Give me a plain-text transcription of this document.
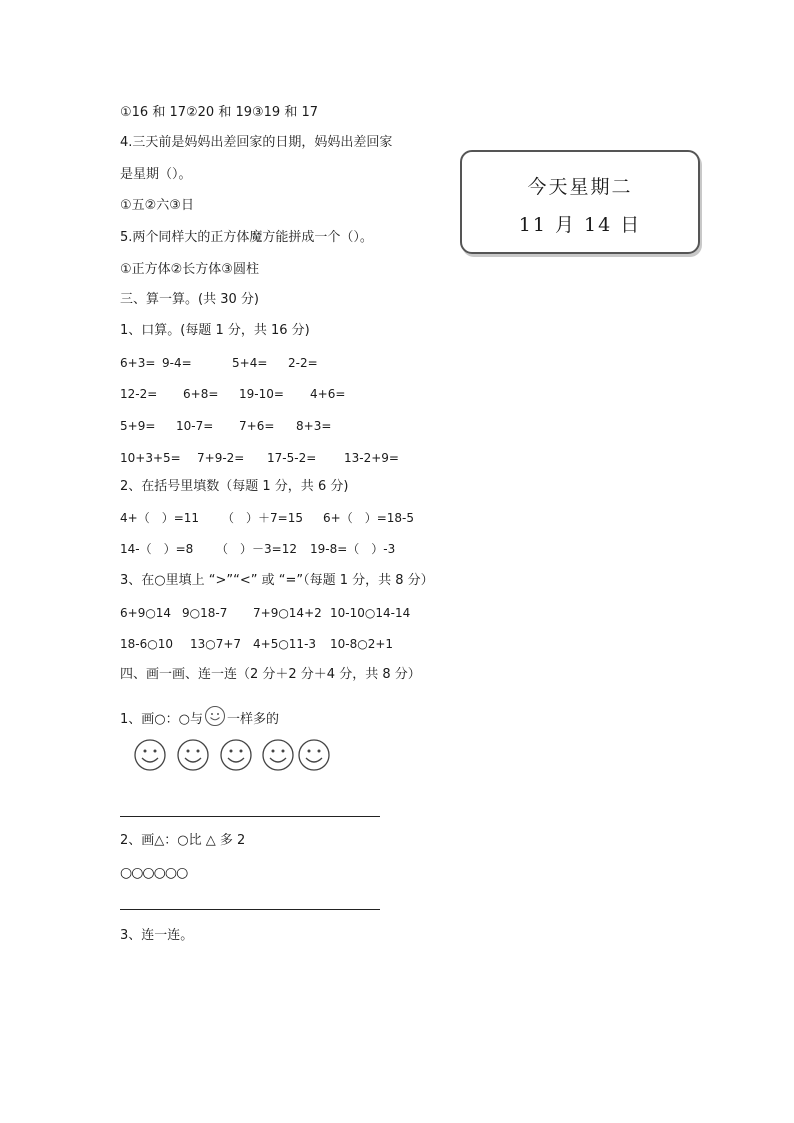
①16 和 17②20 和 19③19 和 17
4.三天前是妈妈出差回家的日期，妈妈出差回家
是星期（）。
①五②六③日
5.两个同样大的正方体魔方能拼成一个（）。
①正方体②长方体③圆柱
今天星期二
11 月 14 日
三、算一算。(共 30 分)
1、口算。(每题 1 分，共 16 分)
6+3= 9-4=	5+4= 2-2=
12-2= 6+8= 19-10= 4+6=
5+9= 10-7= 7+6= 8+3=
10+3+5= 7+9-2= 17-5-2= 13-2+9=
2、在括号里填数（每题 1 分，共 6 分)
4+（　）=11 （　）＋7=15 6+（　）=18-5
14-（　）=8 （　）－3=12 19-8=（　）-3
3、在○里填上 “>”“<” 或 “=”（每题 1 分，共 8 分）
6+9○14 9○18-7 7+9○14+2 10-10○14-14
18-6○10 13○7+7 4+5○11-3 10-8○2+1
四、画一画、连一连（2 分＋2 分＋4 分，共 8 分）
1、画○：○与 一样多的
2、画△：○比 △ 多 2
○○○○○○
3、连一连。
